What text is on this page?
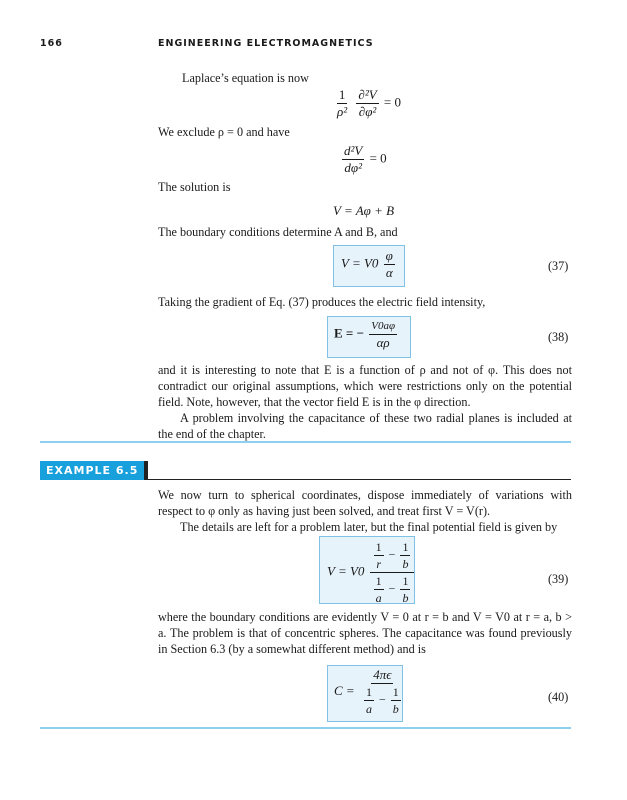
166	ENGINEERING ELECTROMAGNETICS
Laplace’s equation is now
$\frac{1}{\text{ρ²}}$
$\frac{\text{∂²V}}{\text{∂φ²}} = 0$
We exclude ρ = 0 and have
$\frac{\text{d²V}}{\text{dφ²}} = 0$
The solution is
V = Aφ + B
The boundary conditions determine A and B, and
$V = V0 \frac{\varphi}{\alpha}$	(37)
Taking the gradient of Eq. (37) produces the electric field intensity,
E = − $\frac{V0a\varphi}{\alpha\rho}$	(38)
and it is interesting to note that E is a function of ρ and not of φ. This does not contradict our original assumptions, which were restrictions only on the potential field. Note, however, that the vector field E is in the φ direction.
A problem involving the capacitance of these two radial planes is included at the end of the chapter.
EXAMPLE 6.5
We now turn to spherical coordinates, dispose immediately of variations with respect to φ only as having just been solved, and treat first V = V(r).
The details are left for a problem later, but the final potential field is given by
$V = V0 \frac{\frac{1}{r} - \frac{1}{b}}{\frac{1}{a} - \frac{1}{b}}$	(39)
where the boundary conditions are evidently V = 0 at r = b and V = V0 at r = a, b > a. The problem is that of concentric spheres. The capacitance was found previously in Section 6.3 (by a somewhat different method) and is
$C = \frac{4\pi\epsilon}{\frac{1}{a} - \frac{1}{b}}$	(40)
